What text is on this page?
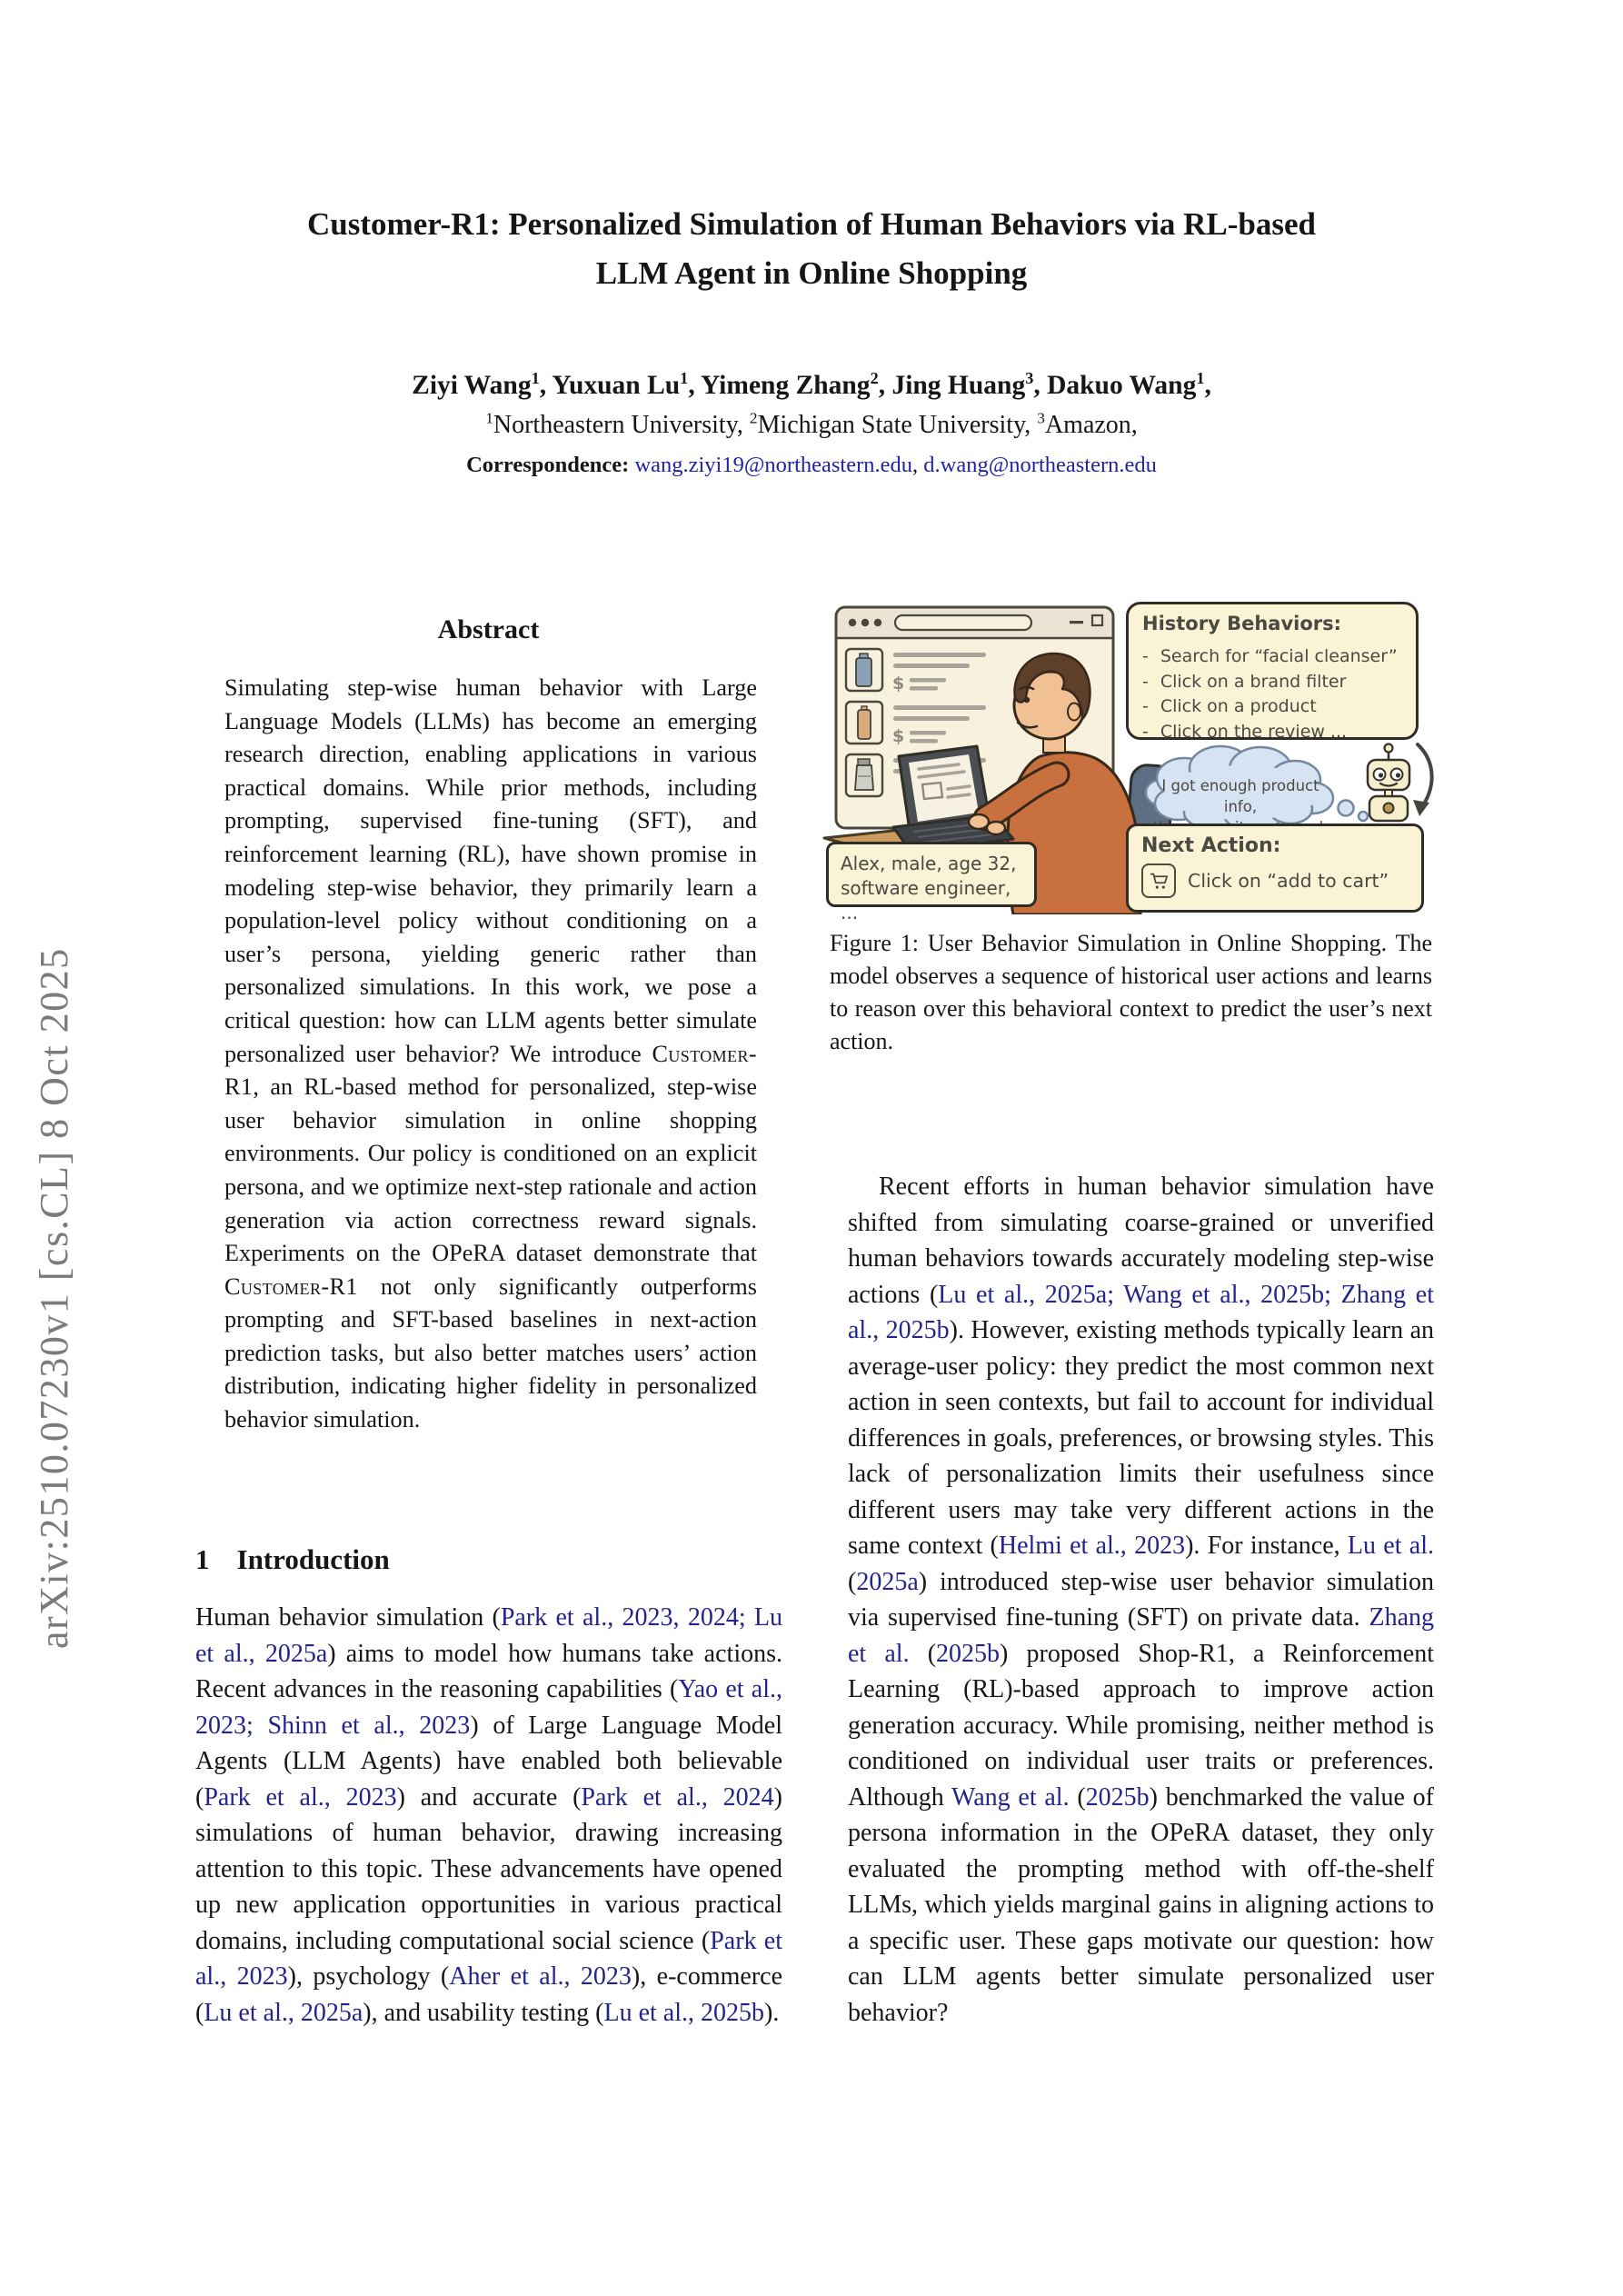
arXiv:2510.07230v1 [cs.CL] 8 Oct 2025
Customer-R1: Personalized Simulation of Human Behaviors via RL-based
LLM Agent in Online Shopping
Ziyi Wang$^1$, Yuxuan Lu$^1$, Yimeng Zhang$^2$, Jing Huang$^3$, Dakuo Wang$^1$,
$^1$Northeastern University, $^2$Michigan State University, $^3$Amazon,
Correspondence: wang.ziyi19@northeastern.edu, d.wang@northeastern.edu
Abstract
Simulating step-wise human behavior with Large Language Models (LLMs) has become an emerging research direction, enabling applications in various practical domains. While prior methods, including prompting, supervised fine-tuning (SFT), and reinforcement learning (RL), have shown promise in modeling step-wise behavior, they primarily learn a population-level policy without conditioning on a user’s persona, yielding generic rather than personalized simulations. In this work, we pose a critical question: how can LLM agents better simulate personalized user behavior? We introduce Customer-R1, an RL-based method for personalized, step-wise user behavior simulation in online shopping environments. Our policy is conditioned on an explicit persona, and we optimize next-step rationale and action generation via action correctness reward signals. Experiments on the OPeRA dataset demonstrate that Customer-R1 not only significantly outperforms prompting and SFT-based baselines in next-action prediction tasks, but also better matches users’ action distribution, indicating higher fidelity in personalized behavior simulation.
1 Introduction
Human behavior simulation (Park et al., 2023, 2024; Lu et al., 2025a) aims to model how humans take actions. Recent advances in the reasoning capabilities (Yao et al., 2023; Shinn et al., 2023) of Large Language Model Agents (LLM Agents) have enabled both believable (Park et al., 2023) and accurate (Park et al., 2024) simulations of human behavior, drawing increasing attention to this topic. These advancements have opened up new application opportunities in various practical domains, including computational social science (Park et al., 2023), psychology (Aher et al., 2023), e-commerce (Lu et al., 2025a), and usability testing (Lu et al., 2025b).
$
$
History Behaviors:
- Search for “facial cleanser”
- Click on a brand filter
- Click on a product
- Click on the review ...
Alex, male, age 32,
software engineer, ...
I got enough product info,
Next Action:
Click on “add to cart”
Figure 1: User Behavior Simulation in Online Shopping. The model observes a sequence of historical user actions and learns to reason over this behavioral context to predict the user’s next action.
Recent efforts in human behavior simulation have shifted from simulating coarse-grained or unverified human behaviors towards accurately modeling step-wise actions (Lu et al., 2025a; Wang et al., 2025b; Zhang et al., 2025b). However, existing methods typically learn an average-user policy: they predict the most common next action in seen contexts, but fail to account for individual differences in goals, preferences, or browsing styles. This lack of personalization limits their usefulness since different users may take very different actions in the same context (Helmi et al., 2023). For instance, Lu et al. (2025a) introduced step-wise user behavior simulation via supervised fine-tuning (SFT) on private data. Zhang et al. (2025b) proposed Shop-R1, a Reinforcement Learning (RL)-based approach to improve action generation accuracy. While promising, neither method is conditioned on individual user traits or preferences. Although Wang et al. (2025b) benchmarked the value of persona information in the OPeRA dataset, they only evaluated the prompting method with off-the-shelf LLMs, which yields marginal gains in aligning actions to a specific user. These gaps motivate our question: how can LLM agents better simulate personalized user behavior?
